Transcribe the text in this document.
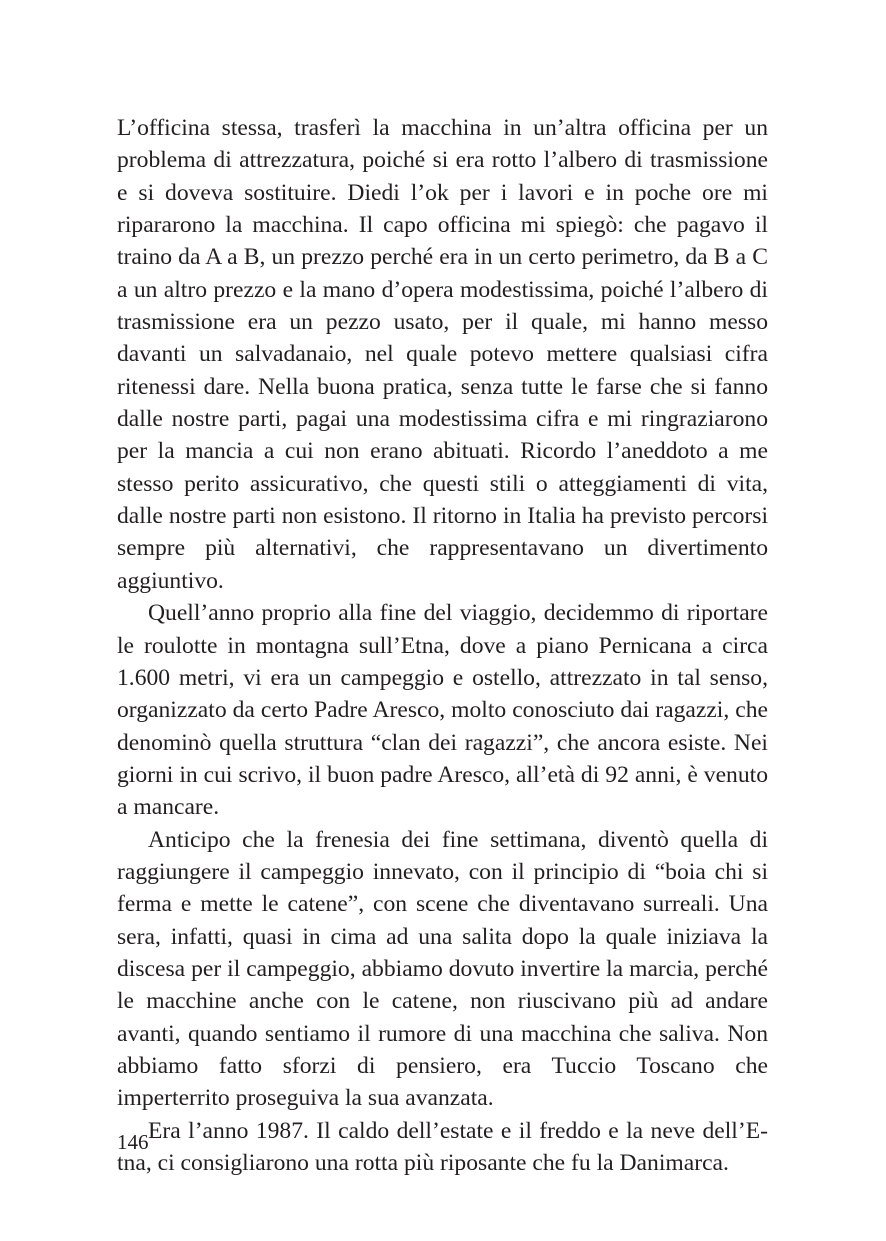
L’officina stessa, trasferì la macchina in un’altra officina per un problema di attrezzatura, poiché si era rotto l’albero di trasmissione e si doveva sostituire. Diedi l’ok per i lavori e in poche ore mi ripararono la macchina. Il capo officina mi spiegò: che pagavo il traino da A a B, un prezzo perché era in un certo perimetro, da B a C a un altro prezzo e la mano d’opera modestissima, poiché l’albero di trasmissione era un pezzo usato, per il quale, mi hanno messo davanti un salvadanaio, nel quale potevo mettere qualsiasi cifra ritenessi dare. Nella buona pratica, senza tutte le farse che si fanno dalle nostre parti, pagai una modestissima cifra e mi ringraziarono per la mancia a cui non erano abituati. Ricordo l’aneddoto a me stesso perito assicurativo, che questi stili o atteggiamenti di vita, dalle nostre parti non esistono. Il ritorno in Italia ha previsto percorsi sempre più alternativi, che rappresentavano un divertimento aggiuntivo.

Quell’anno proprio alla fine del viaggio, decidemmo di riportare le roulotte in montagna sull’Etna, dove a piano Pernicana a circa 1.600 metri, vi era un campeggio e ostello, attrezzato in tal senso, organizzato da certo Padre Aresco, molto conosciuto dai ragazzi, che denominò quella struttura “clan dei ragazzi”, che ancora esiste. Nei giorni in cui scrivo, il buon padre Aresco, all’età di 92 anni, è venuto a mancare.

Anticipo che la frenesia dei fine settimana, diventò quella di raggiungere il campeggio innevato, con il principio di “boia chi si ferma e mette le catene”, con scene che diventavano surreali. Una sera, infatti, quasi in cima ad una salita dopo la quale iniziava la discesa per il campeggio, abbiamo dovuto invertire la marcia, perché le macchine anche con le catene, non riuscivano più ad andare avanti, quando sentiamo il rumore di una macchina che saliva. Non abbiamo fatto sforzi di pensiero, era Tuccio Toscano che imperterrito proseguiva la sua avanzata.

Era l’anno 1987. Il caldo dell’estate e il freddo e la neve dell’Etna, ci consigliarono una rotta più riposante che fu la Danimarca.

146
